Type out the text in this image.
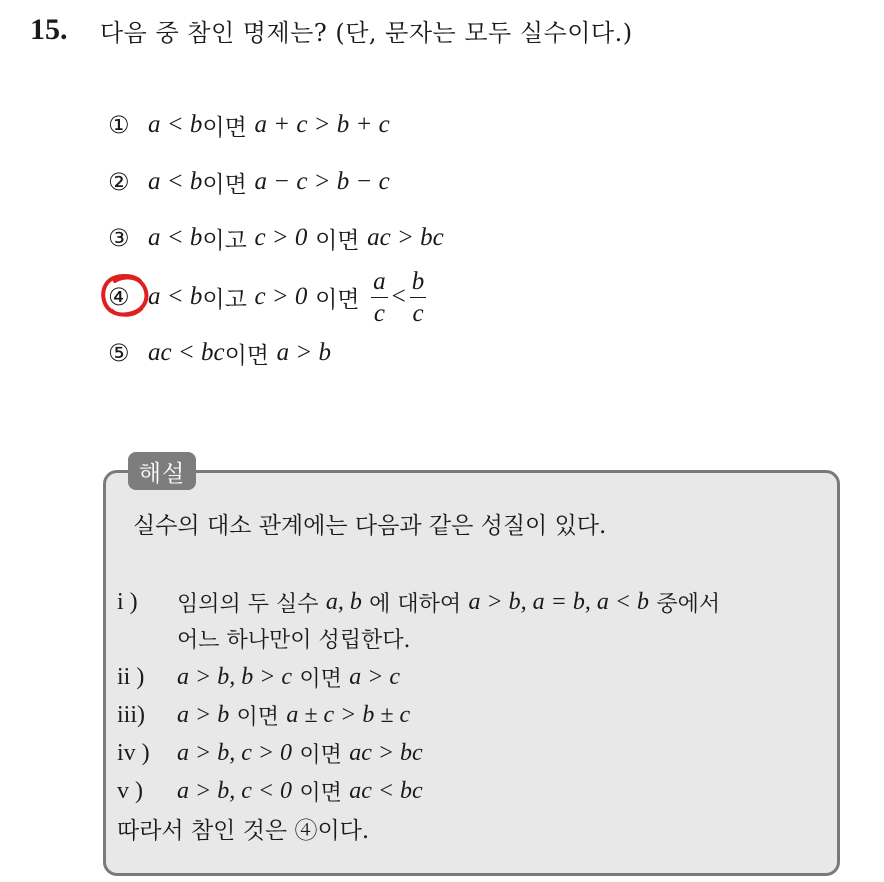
15.	다음 중 참인 명제는? (단, 문자는 모두 실수이다.)
① a < b 이면
a + c > b + c
② a < b 이면
a − c > b − c
③ a < b 이고
c > 0
이면
ac > bc
④ a < b 이고
c > 0
이면
$\frac{a}{c} < \frac{b}{c}$
⑤ ac < bc 이면
a > b
해설
실수의 대소 관계에는 다음과 같은 성질이 있다.
i )	임의의 두 실수
a, b
에 대하여
a > b, a = b, a < b
중에서
어느 하나만이 성립한다.
ii )	a > b, b > c
이면
a > c
iii)	a > b
이면
a ± c > b ± c
iv )	a > b, c > 0
이면
ac > bc
v )	a > b, c < 0
이면
ac < bc
따라서 참인 것은 ④이다.
